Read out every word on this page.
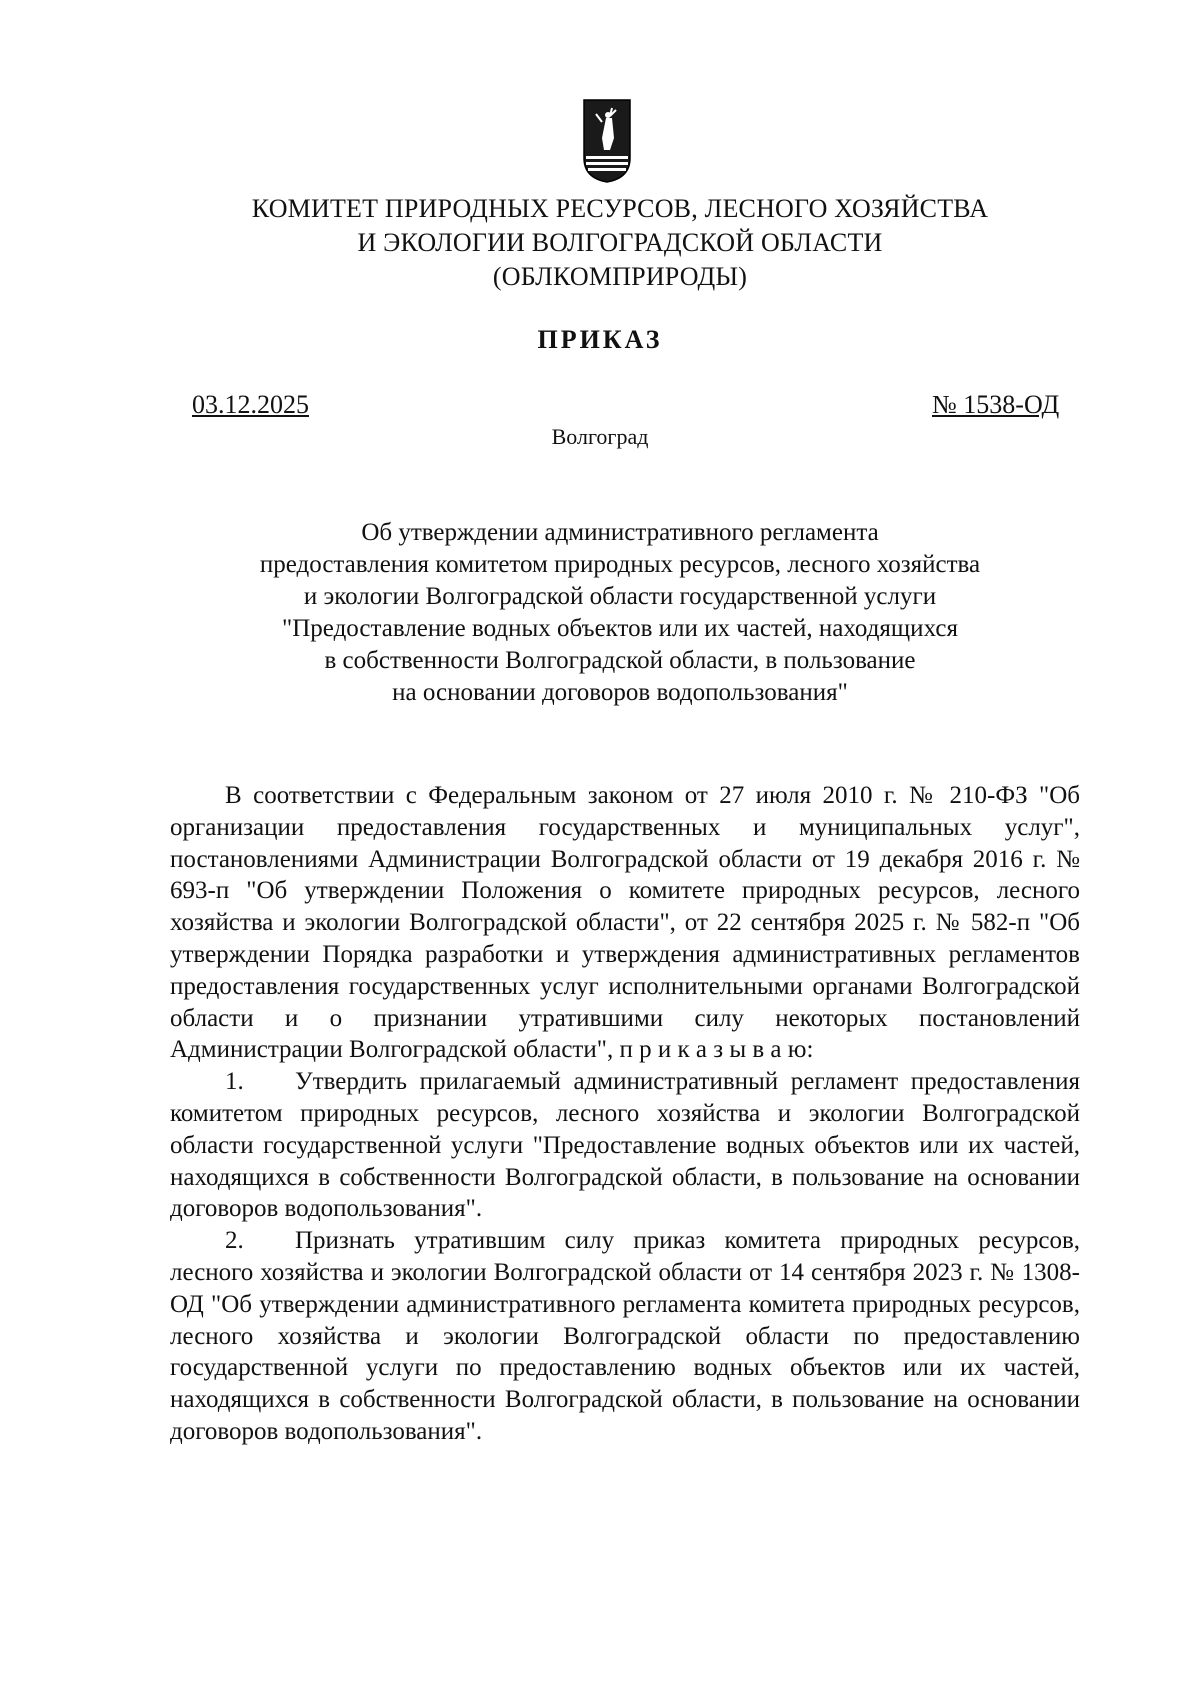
КОМИТЕТ ПРИРОДНЫХ РЕСУРСОВ, ЛЕСНОГО ХОЗЯЙСТВА
И ЭКОЛОГИИ ВОЛГОГРАДСКОЙ ОБЛАСТИ
(ОБЛКОМПРИРОДЫ)
ПРИКАЗ
03.12.2025	№ 1538-ОД
Волгоград
Об утверждении административного регламента
предоставления комитетом природных ресурсов, лесного хозяйства
и экологии Волгоградской области государственной услуги
"Предоставление водных объектов или их частей, находящихся
в собственности Волгоградской области, в пользование
на основании договоров водопользования"

В соответствии с Федеральным законом от 27 июля 2010 г. № 210-ФЗ "Об организации предоставления государственных и муниципальных услуг", постановлениями Администрации Волгоградской области от 19 декабря 2016 г. № 693-п "Об утверждении Положения о комитете природных ресурсов, лесного хозяйства и экологии Волгоградской области", от 22 сентября 2025 г. № 582-п "Об утверждении Порядка разработки и утверждения административных регламентов предоставления государственных услуг исполнительными органами Волгоградской области и о признании утратившими силу некоторых постановлений Администрации Волгоградской области", п р и к а з ы в а ю:

1. Утвердить прилагаемый административный регламент предоставления комитетом природных ресурсов, лесного хозяйства и экологии Волгоградской области государственной услуги "Предоставление водных объектов или их частей, находящихся в собственности Волгоградской области, в пользование на основании договоров водопользования".

2. Признать утратившим силу приказ комитета природных ресурсов, лесного хозяйства и экологии Волгоградской области от 14 сентября 2023 г. № 1308-ОД "Об утверждении административного регламента комитета природных ресурсов, лесного хозяйства и экологии Волгоградской области по предоставлению государственной услуги по предоставлению водных объектов или их частей, находящихся в собственности Волгоградской области, в пользование на основании договоров водопользования".
